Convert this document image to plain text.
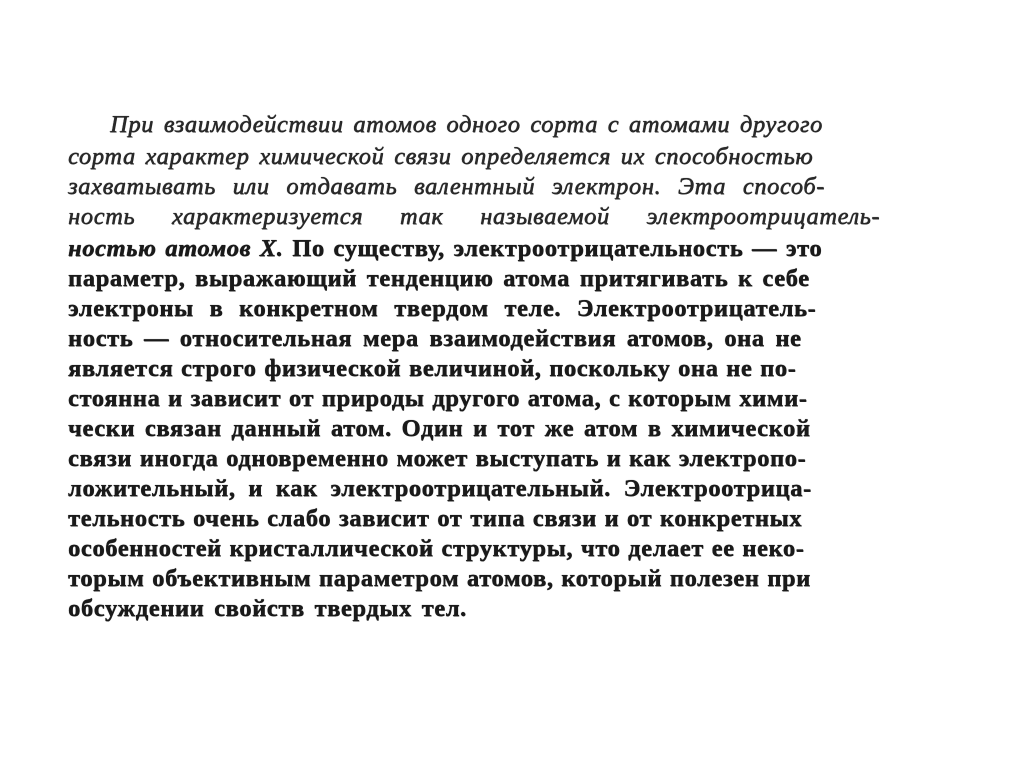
При взаимодействии атомов одного сорта с атомами другого
сорта характер химической связи определяется их способностью
захватывать или отдавать валентный электрон. Эта способ-
ность характеризуется так называемой электроотрицатель-
ностью атомов Х. По существу, электроотрицательность — это
параметр, выражающий тенденцию атома притягивать к себе
электроны в конкретном твердом теле. Электроотрицатель-
ность — относительная мера взаимодействия атомов, она не
является строго физической величиной, поскольку она не по-
стоянна и зависит от природы другого атома, с которым хими-
чески связан данный атом. Один и тот же атом в химической
связи иногда одновременно может выступать и как электропо-
ложительный, и как электроотрицательный. Электроотрица-
тельность очень слабо зависит от типа связи и от конкретных
особенностей кристаллической структуры, что делает ее неко-
торым объективным параметром атомов, который полезен при
обсуждении свойств твердых тел.
